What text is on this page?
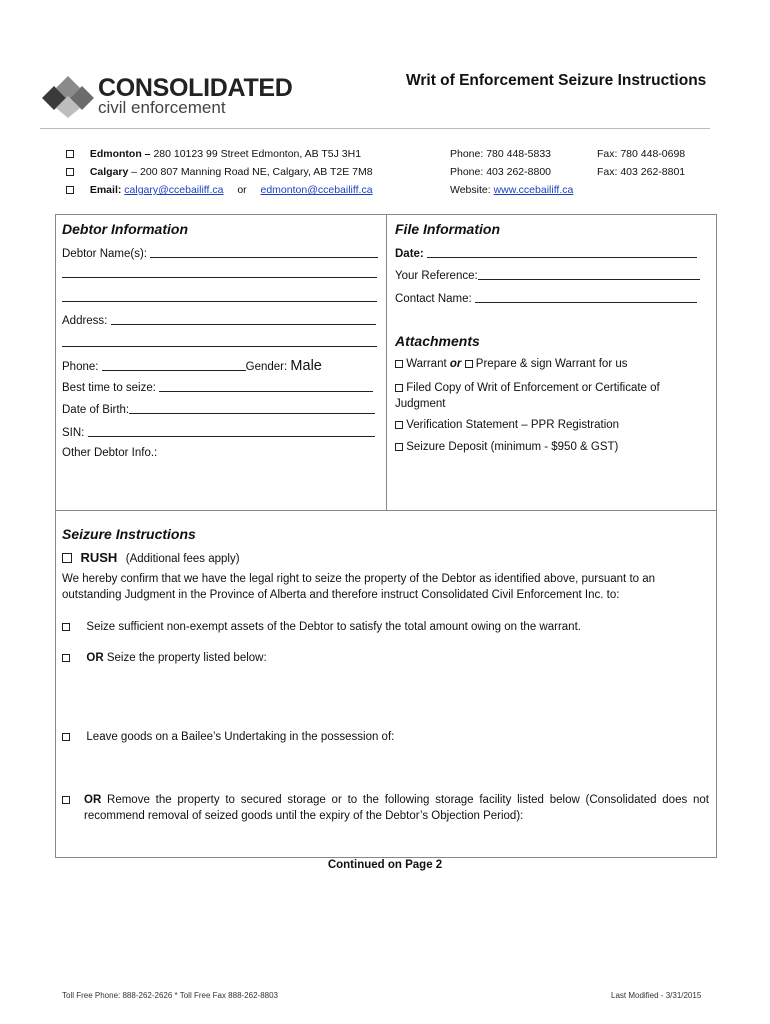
CONSOLIDATED
civil enforcement
Writ of Enforcement Seizure Instructions
Edmonton – 280 10123 99 Street Edmonton, AB T5J 3H1	Phone: 780 448-5833	Fax: 780 448-0698
Calgary – 200 807 Manning Road NE, Calgary, AB T2E 7M8	Phone: 403 262-8800	Fax: 403 262-8801
Email: calgary@ccebailiff.ca or edmonton@ccebailiff.ca	Website: www.ccebailiff.ca
Debtor Information
Debtor Name(s):
Address:
Phone:	Gender: Male
Best time to seize:
Date of Birth:
SIN:
Other Debtor Info.:
File Information
Date:
Your Reference:
Contact Name:
Attachments
Warrant or Prepare & sign Warrant for us
Filed Copy of Writ of Enforcement or Certificate of Judgment
Verification Statement – PPR Registration
Seizure Deposit (minimum - $950 & GST)
Seizure Instructions
RUSH (Additional fees apply)
We hereby confirm that we have the legal right to seize the property of the Debtor as identified above, pursuant to an outstanding Judgment in the Province of Alberta and therefore instruct Consolidated Civil Enforcement Inc. to:
Seize sufficient non-exempt assets of the Debtor to satisfy the total amount owing on the warrant.
OR Seize the property listed below:
Leave goods on a Bailee’s Undertaking in the possession of:
OR Remove the property to secured storage or to the following storage facility listed below (Consolidated does not recommend removal of seized goods until the expiry of the Debtor’s Objection Period):
Continued on Page 2
Toll Free Phone: 888-262-2626 * Toll Free Fax 888-262-8803	Last Modified - 3/31/2015
